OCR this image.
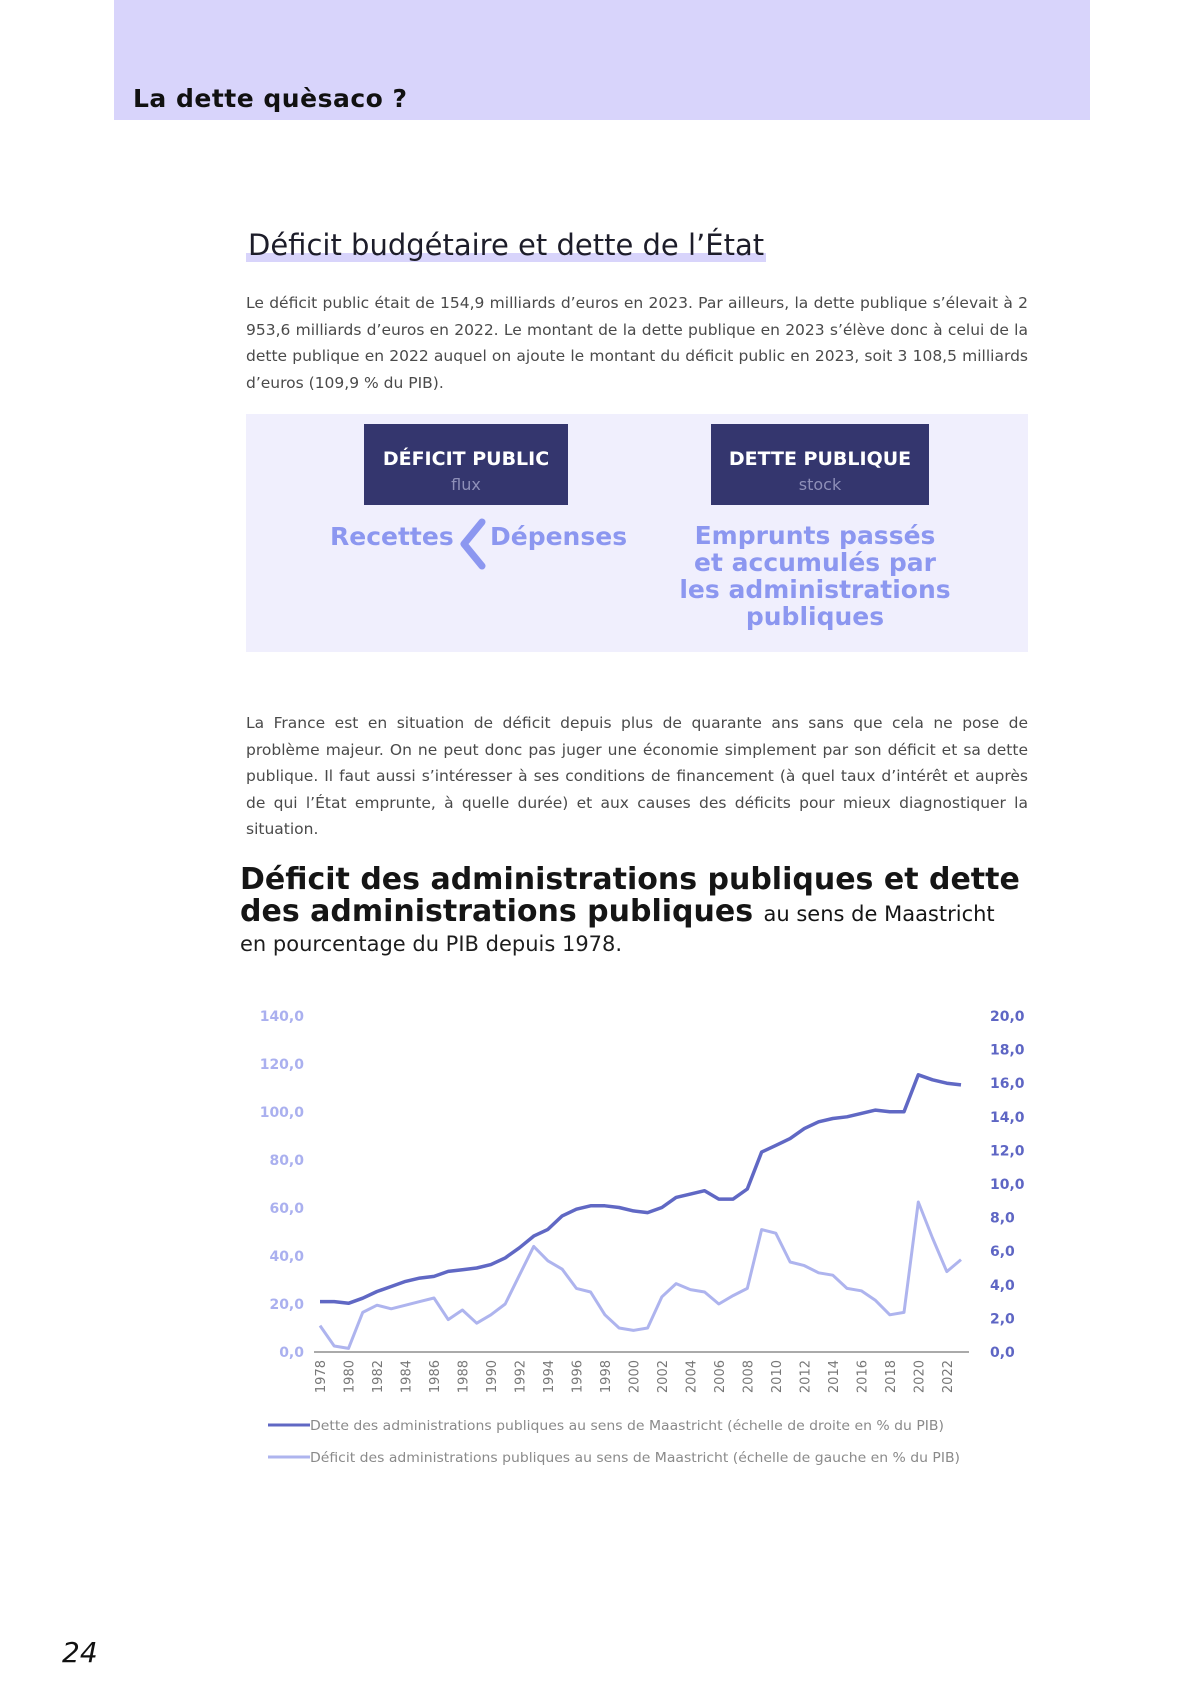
La dette quèsaco ?
Déficit budgétaire et dette de l’État

Le déficit public était de 154,9 milliards d’euros en 2023. Par ailleurs, la dette publique s’élevait à 2 953,6 milliards d’euros en 2022. Le montant de la dette publique en 2023 s’élève donc à celui de la dette publique en 2022 auquel on ajoute le montant du déficit public en 2023, soit 3 108,5 milliards d’euros (109,9 % du PIB).

DÉFICIT PUBLIC
flux
DETTE PUBLIQUE
stock
Recettes Dépenses	Emprunts passés
et accumulés par
les administrations
publiques

La France est en situation de déficit depuis plus de quarante ans sans que cela ne pose de problème majeur. On ne peut donc pas juger une économie simplement par son déficit et sa dette publique. Il faut aussi s’intéresser à ses conditions de financement (à quel taux d’intérêt et auprès de qui l’État emprunte, à quelle durée) et aux causes des déficits pour mieux diagnostiquer la situation.

Déficit des administrations publiques et dette des administrations publiques au sens de Maastricht
en pourcentage du PIB depuis 1978.
140,0
120,0
100,0
80,0
60,0
40,0
20,0
0,0
20,0
18,0
16,0
14,0
12,0
10,0
8,0
6,0
4,0
2,0
0,0
1978 1980 1982 1984 1986 1988 1990 1992 1994 1996 1998 2000 2002 2004 2006 2008 2010 2012 2014 2016 2018 2020 2022
Dette des administrations publiques au sens de Maastricht (échelle de droite en % du PIB)
Déficit des administrations publiques au sens de Maastricht (échelle de gauche en % du PIB)
24
